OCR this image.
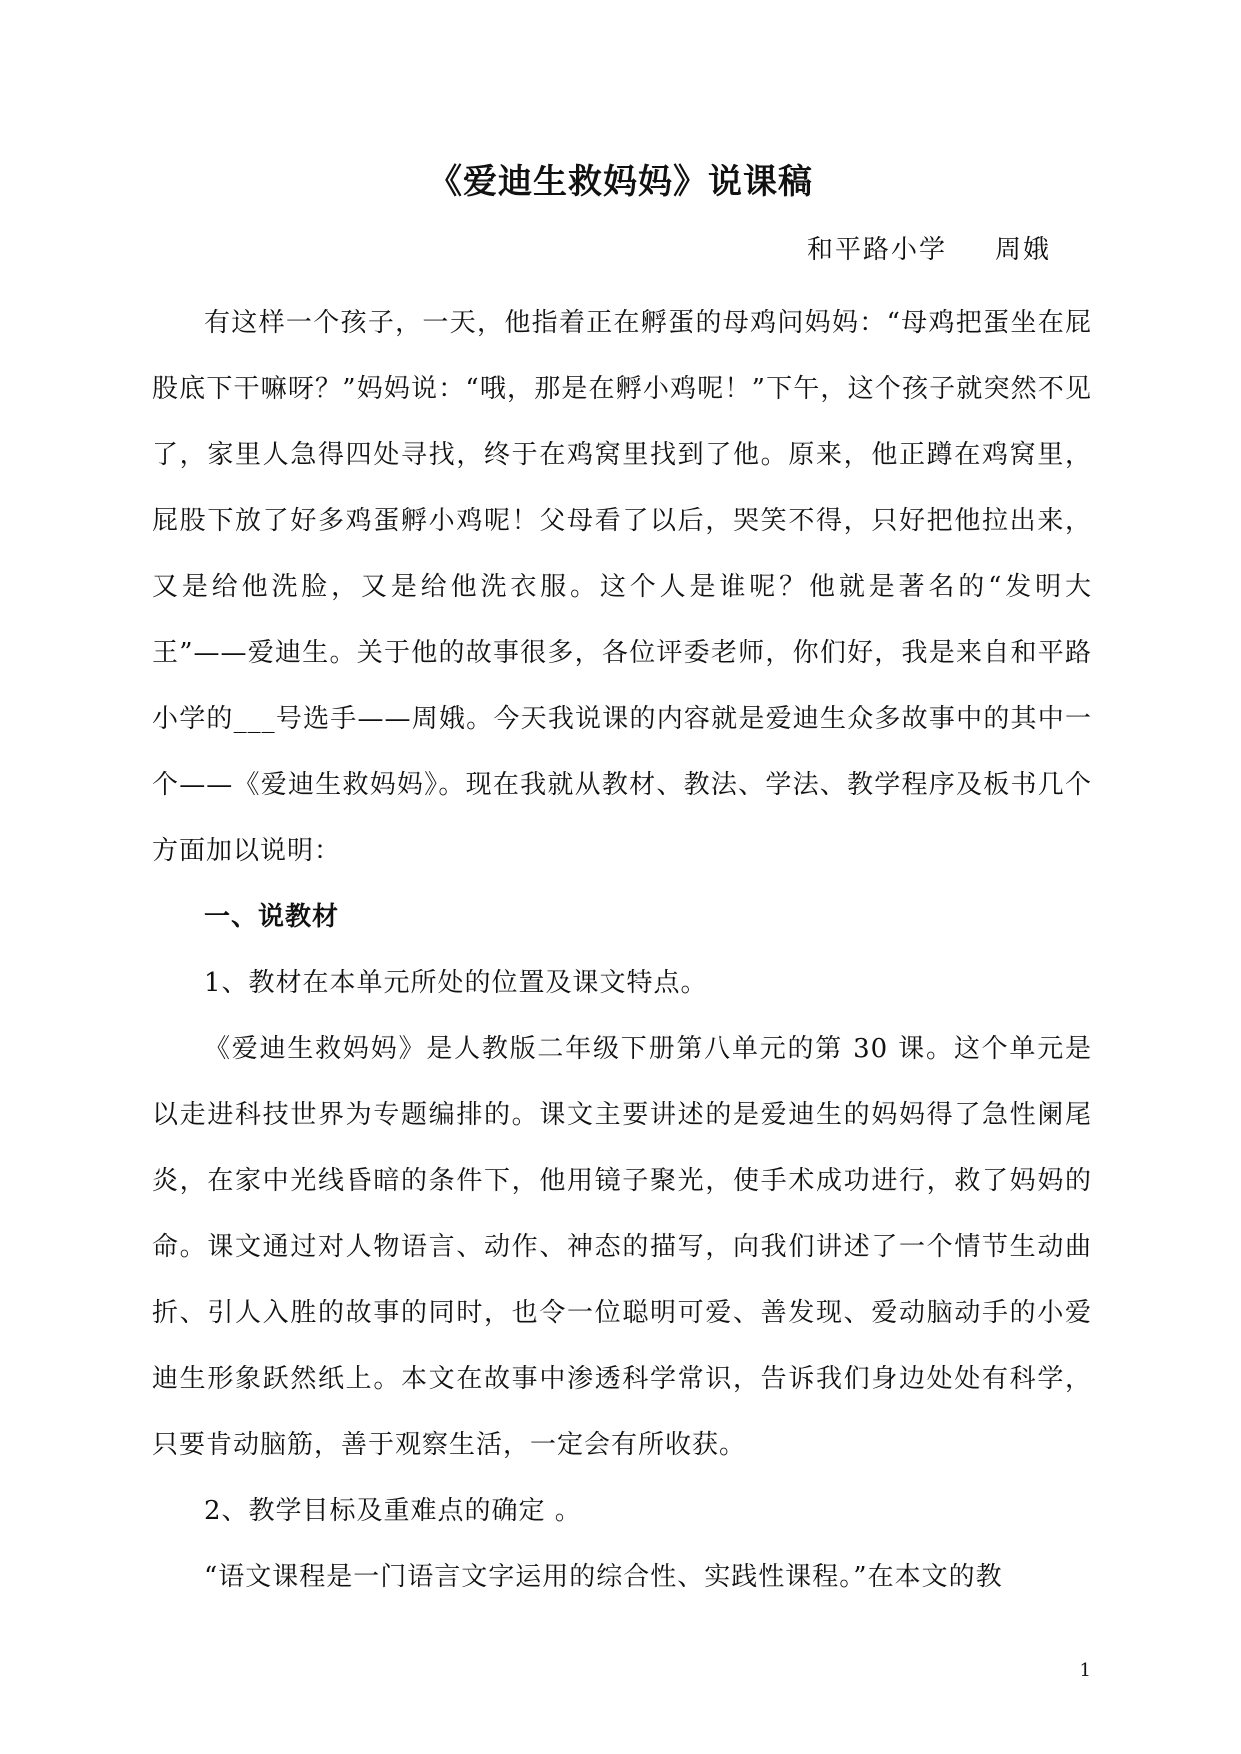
《爱迪生救妈妈》说课稿
和平路小学 周娥

有这样一个孩子，一天，他指着正在孵蛋的母鸡问妈妈：“母鸡把蛋坐在屁股底下干嘛呀？”妈妈说：“哦，那是在孵小鸡呢！”下午，这个孩子就突然不见了，家里人急得四处寻找，终于在鸡窝里找到了他。原来，他正蹲在鸡窝里，屁股下放了好多鸡蛋孵小鸡呢！父母看了以后，哭笑不得，只好把他拉出来，又是给他洗脸，又是给他洗衣服。这个人是谁呢？他就是著名的“发明大王”——爱迪生。关于他的故事很多，各位评委老师，你们好，我是来自和平路小学的___号选手——周娥。今天我说课的内容就是爱迪生众多故事中的其中一个——《爱迪生救妈妈》。现在我就从教材、教法、学法、教学程序及板书几个方面加以说明：

一、说教材

1、教材在本单元所处的位置及课文特点。

《爱迪生救妈妈》是人教版二年级下册第八单元的第 30 课。这个单元是以走进科技世界为专题编排的。课文主要讲述的是爱迪生的妈妈得了急性阑尾炎，在家中光线昏暗的条件下，他用镜子聚光，使手术成功进行，救了妈妈的命。课文通过对人物语言、动作、神态的描写，向我们讲述了一个情节生动曲折、引人入胜的故事的同时，也令一位聪明可爱、善发现、爱动脑动手的小爱迪生形象跃然纸上。本文在故事中渗透科学常识，告诉我们身边处处有科学，只要肯动脑筋，善于观察生活，一定会有所收获。

2、教学目标及重难点的确定 。

“语文课程是一门语言文字运用的综合性、实践性课程。”在本文的教

1
